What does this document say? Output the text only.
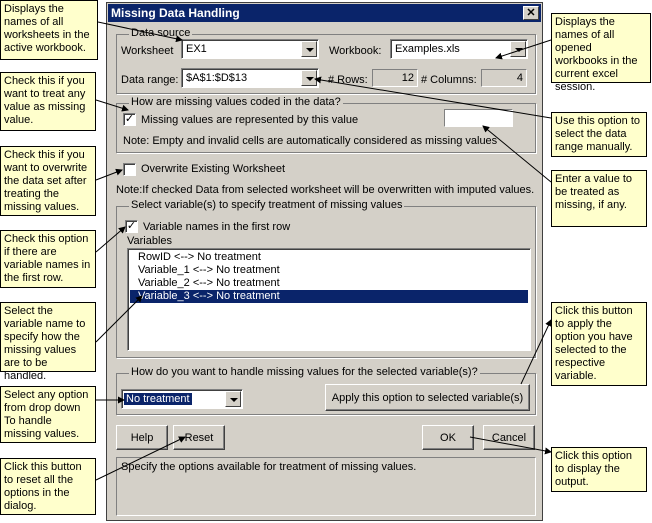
Displays the names of all worksheets in the active workbook.
Check this if you want to treat any value as missing value.
Check this if you want to overwrite the data set after treating the missing values.
Check this option if there are variable names in the first row.
Select the variable name to specify how the missing values are to be handled.
Select any option from drop down To handle missing values.
Click this button to reset all the options in the dialog.
Displays the names of all opened workbooks in the current excel session.
Use this option to select the data range manually.
Enter a value to be treated as missing, if any.
Click this button to apply the option you have selected to the respective variable.
Click this option to display the output.
Missing Data Handling	✕
Data source
Worksheet EX1	Workbook: Examples.xls
Data range: $A$1:$D$13	# Rows:	12 # Columns:	4
How are missing values coded in the data?
✓ Missing values are represented by this value
Note: Empty and invalid cells are automatically considered as missing values
Overwrite Existing Worksheet
Note:If checked Data from selected worksheet will be overwritten with imputed values.
Select variable(s) to specify treatment of missing values
✓ Variable names in the first row
Variables
RowID <--> No treatment
Variable_1 <--> No treatment
Variable_2 <--> No treatment
Variable_3 <--> No treatment
How do you want to handle missing values for the selected variable(s)?
No treatment	Apply this option to selected variable(s)
Help	Reset	OK	Cancel
Specify the options available for treatment of missing values.
